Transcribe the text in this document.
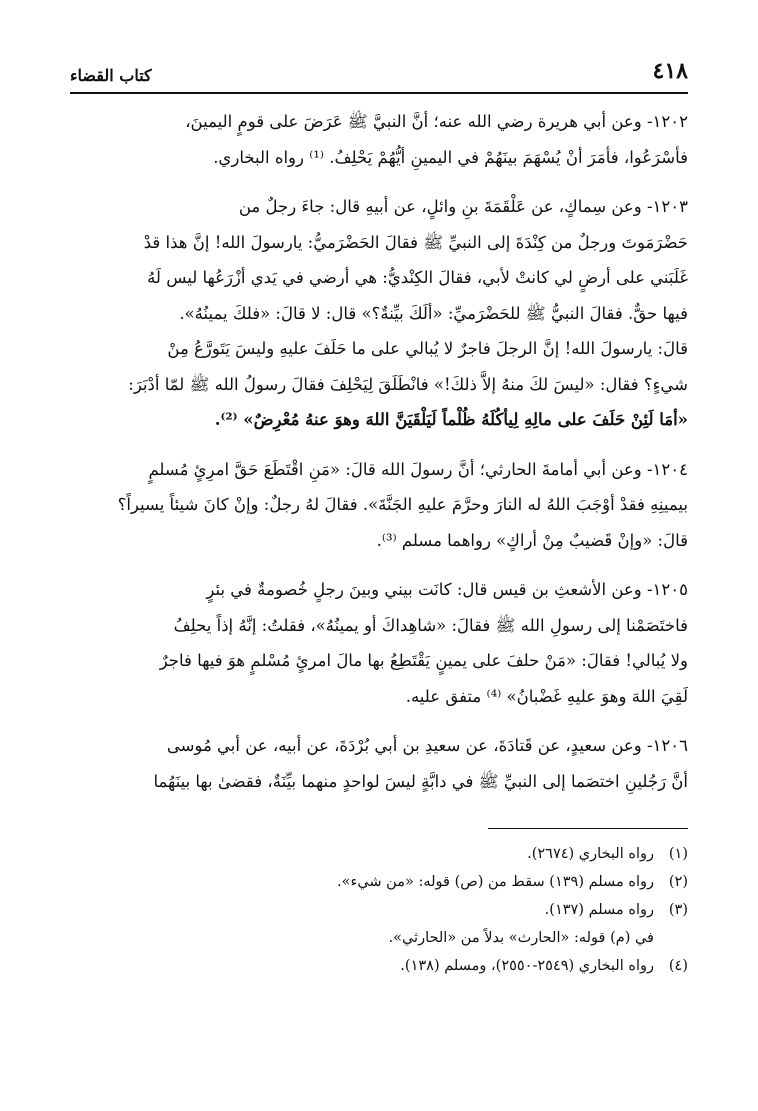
٤١٨
كتاب القضاء

١٢٠٢- وعن أبي هريرة رضي الله عنه؛ أنَّ النبيَّ ﷺ عَرَضَ على قومٍ اليمينَ،
فأسْرَعُوا، فأمَرَ أنْ يُسْهَمَ بينَهُمْ في اليمينِ أيُّهُمْ يَحْلِفُ. ⁽¹⁾ رواه البخاري.

١٢٠٣- وعن سِماكٍ، عن عَلْقَمَةَ بنِ وائلٍ، عن أبيهِ قال: جاءَ رجلٌ من
حَضْرَمَوتَ ورجلٌ من كِنْدَةَ إلى النبيِّ ﷺ فقالَ الحَضْرَميُّ: يارسولَ الله! إنَّ هذا قدْ
غَلَبَني على أرضٍ لي كانتْ لأبي، فقالَ الكِنْديُّ: هي أرضي في يَدي أزْرَعُها ليس لَهُ
فيها حقٌّ. فقالَ النبيُّ ﷺ للحَضْرَميِّ: «ألَكَ بيِّنةٌ؟» قال: لا قالَ: «فلكَ يمينُهُ».
قالَ: يارسولَ الله! إنَّ الرجلَ فاجرٌ لا يُبالي على ما حَلَفَ عليهِ وليسَ يَتَورَّعُ مِنْ
شيءٍ؟ فقال: «ليسَ لكَ منهُ إلاَّ ذلكَ!» فانْطَلَقَ لِيَحْلِفَ فقالَ رسولُ الله ﷺ لمّا أدْبَرَ:
«أمَا لَئِنْ حَلَفَ على مالِهِ لِيأكُلَهُ ظُلْماً لَيَلْقَيَنَّ اللهَ وهوَ عنهُ مُعْرِضٌ» ⁽²⁾.

١٢٠٤- وعن أبي أمامةَ الحارثي؛ أنَّ رسولَ الله قالَ: «مَنِ اقْتَطَعَ حَقَّ امرِئٍ مُسلمٍ
بيمينِهِ فقدْ أوْجَبَ اللهُ له النارَ وحرَّمَ عليهِ الجَنَّةَ». فقالَ لهُ رجلٌ: وإنْ كانَ شيئاً يسيراً؟
قالَ: «وإنْ قَضيبٌ مِنْ أراكٍ» رواهما مسلم ⁽³⁾.

١٢٠٥- وعن الأشعثِ بن قيس قال: كانَت بيني وبينَ رجلٍ خُصومةٌ في بئرٍ
فاختَصَمْنا إلى رسولِ الله ﷺ فقالَ: «شاهِداكَ أو يمينُهُ»، فقلتُ: إنَّهُ إذاً يحلِفُ
ولا يُبالي! فقالَ: «مَنْ حلفَ على يمينٍ يَقْتَطِعُ بها مالَ امرئٍ مُسْلمٍ هوَ فيها فاجرٌ
لَقِيَ اللهَ وهوَ عليهِ غَضْبانُ» ⁽⁴⁾ متفق عليه.

١٢٠٦- وعن سعيدٍ، عن قَتادَةَ، عن سعيدِ بن أبي بُرْدَةَ، عن أبيه، عن أبي مُوسى
أنَّ رَجُلينِ اختصَما إلى النبيِّ ﷺ في دابَّةٍ ليسَ لواحدٍ منهما بيِّنَةٌ، فقضىٰ بها بينَهُما

(١)رواه البخاري (٢٦٧٤).
(٢)رواه مسلم (١٣٩) سقط من (ص) قوله: «من شيء».
(٣)رواه مسلم (١٣٧).
في (م) قوله: «الحارث» بدلاً من «الحارثي».
(٤)رواه البخاري (٢٥٤٩-٢٥٥٠)، ومسلم (١٣٨).
